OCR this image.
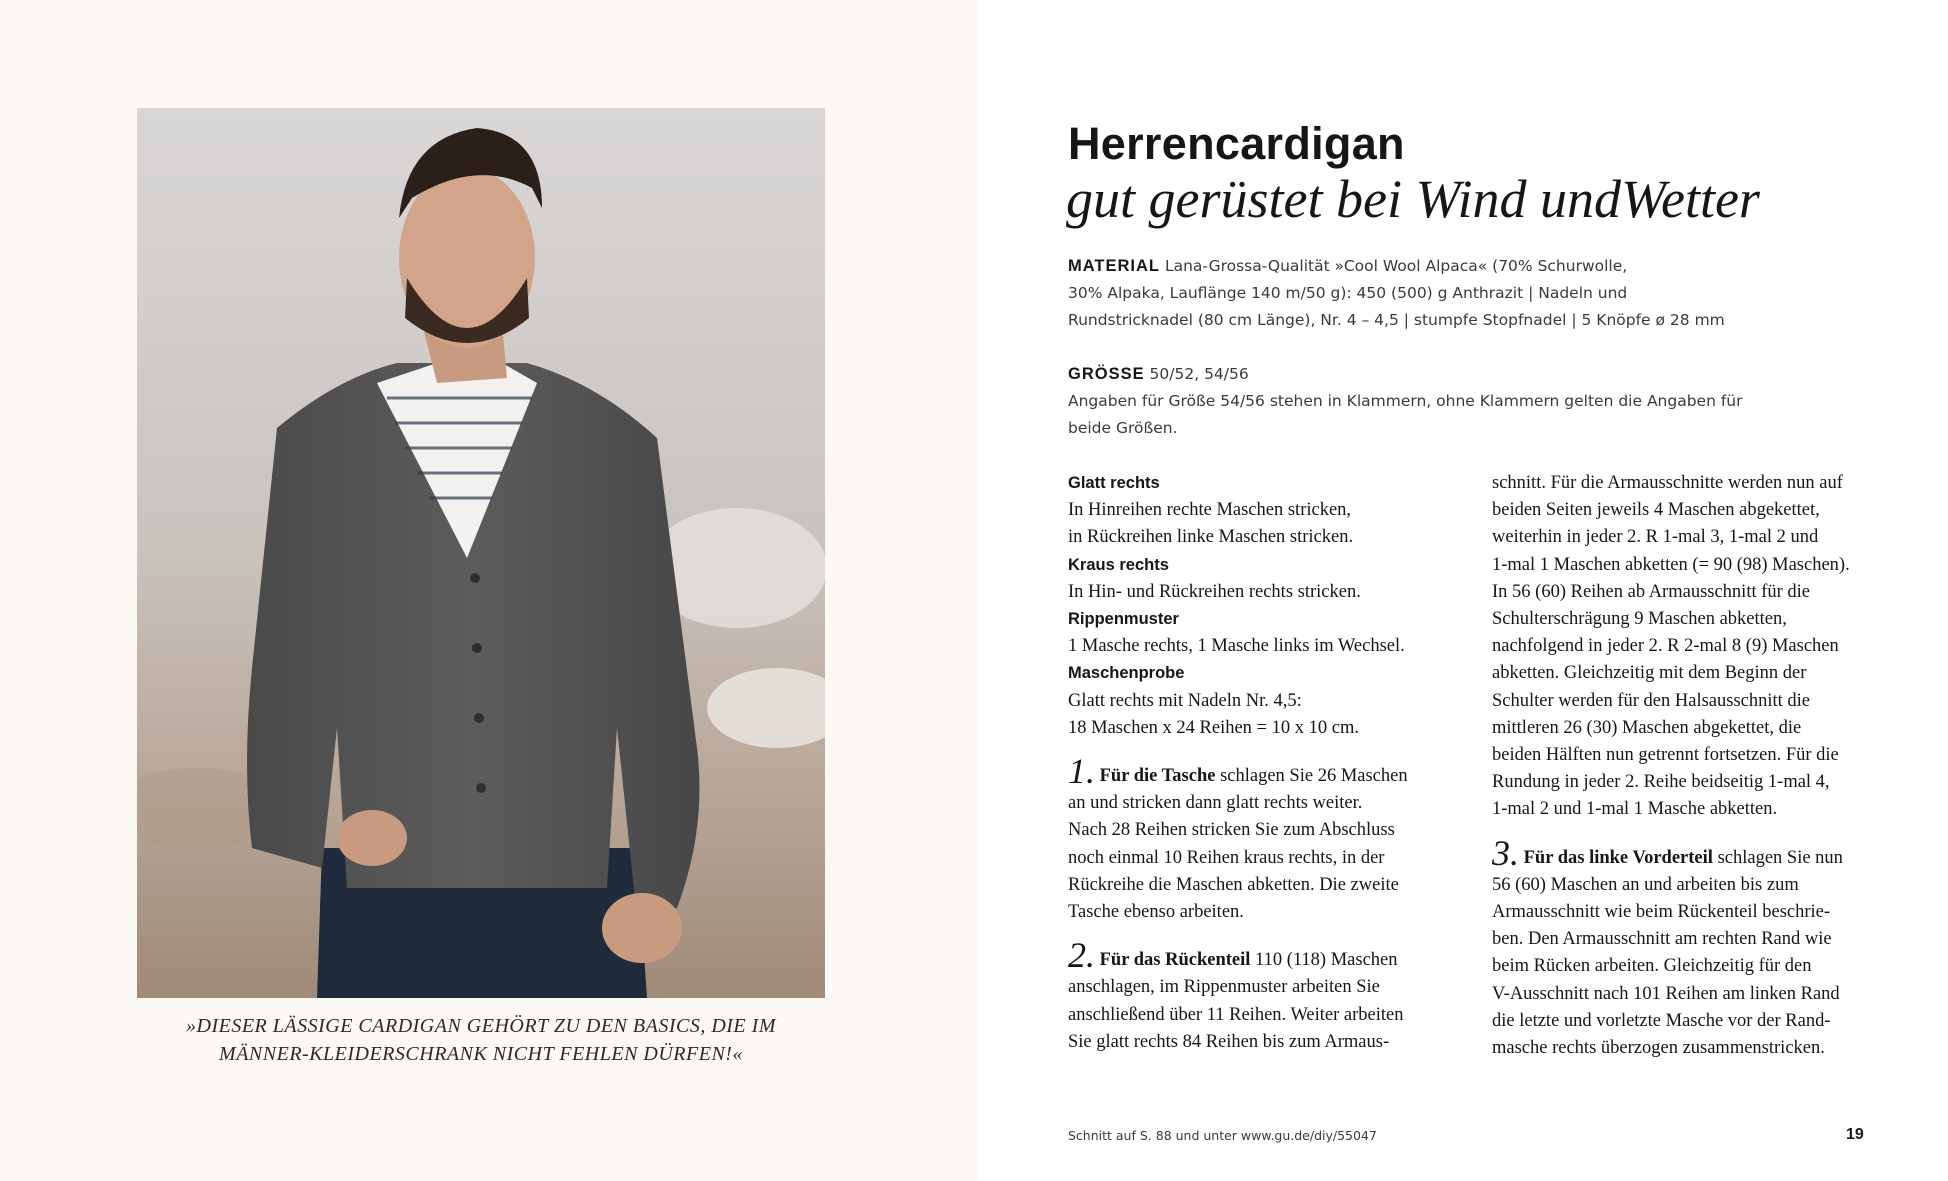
»DIESER LÄSSIGE CARDIGAN GEHÖRT ZU DEN BASICS, DIE IM
MÄNNER-KLEIDERSCHRANK NICHT FEHLEN DÜRFEN!«
Herrencardigan
gut gerüstet bei Wind undWetter
MATERIAL Lana-Grossa-Qualität »Cool Wool Alpaca« (70% Schurwolle,
30% Alpaka, Lauflänge 140 m/50 g): 450 (500) g Anthrazit | Nadeln und
Rundstricknadel (80 cm Länge), Nr. 4 – 4,5 | stumpfe Stopfnadel | 5 Knöpfe ø 28 mm
GRÖSSE 50/52, 54/56
Angaben für Größe 54/56 stehen in Klammern, ohne Klammern gelten die Angaben für
beide Größen.
Glatt rechts
In Hinreihen rechte Maschen stricken,
in Rückreihen linke Maschen stricken.
Kraus rechts
In Hin- und Rückreihen rechts stricken.
Rippenmuster
1 Masche rechts, 1 Masche links im Wechsel.
Maschenprobe
Glatt rechts mit Nadeln Nr. 4,5:
18 Maschen x 24 Reihen = 10 x 10 cm.
1. Für die Tasche schlagen Sie 26 Maschen
an und stricken dann glatt rechts weiter.
Nach 28 Reihen stricken Sie zum Abschluss
noch einmal 10 Reihen kraus rechts, in der
Rückreihe die Maschen abketten. Die zweite
Tasche ebenso arbeiten.
2. Für das Rückenteil 110 (118) Maschen
anschlagen, im Rippenmuster arbeiten Sie
anschließend über 11 Reihen. Weiter arbeiten
Sie glatt rechts 84 Reihen bis zum Armaus-
schnitt. Für die Armausschnitte werden nun auf
beiden Seiten jeweils 4 Maschen abgekettet,
weiterhin in jeder 2. R 1-mal 3, 1-mal 2 und
1-mal 1 Maschen abketten (= 90 (98) Maschen).
In 56 (60) Reihen ab Armausschnitt für die
Schulterschrägung 9 Maschen abketten,
nachfolgend in jeder 2. R 2-mal 8 (9) Maschen
abketten. Gleichzeitig mit dem Beginn der
Schulter werden für den Halsausschnitt die
mittleren 26 (30) Maschen abgekettet, die
beiden Hälften nun getrennt fortsetzen. Für die
Rundung in jeder 2. Reihe beidseitig 1-mal 4,
1-mal 2 und 1-mal 1 Masche abketten.
3. Für das linke Vorderteil schlagen Sie nun
56 (60) Maschen an und arbeiten bis zum
Armausschnitt wie beim Rückenteil beschrie-
ben. Den Armausschnitt am rechten Rand wie
beim Rücken arbeiten. Gleichzeitig für den
V-Ausschnitt nach 101 Reihen am linken Rand
die letzte und vorletzte Masche vor der Rand-
masche rechts überzogen zusammenstricken.
Schnitt auf S. 88 und unter www.gu.de/diy/55047	19
